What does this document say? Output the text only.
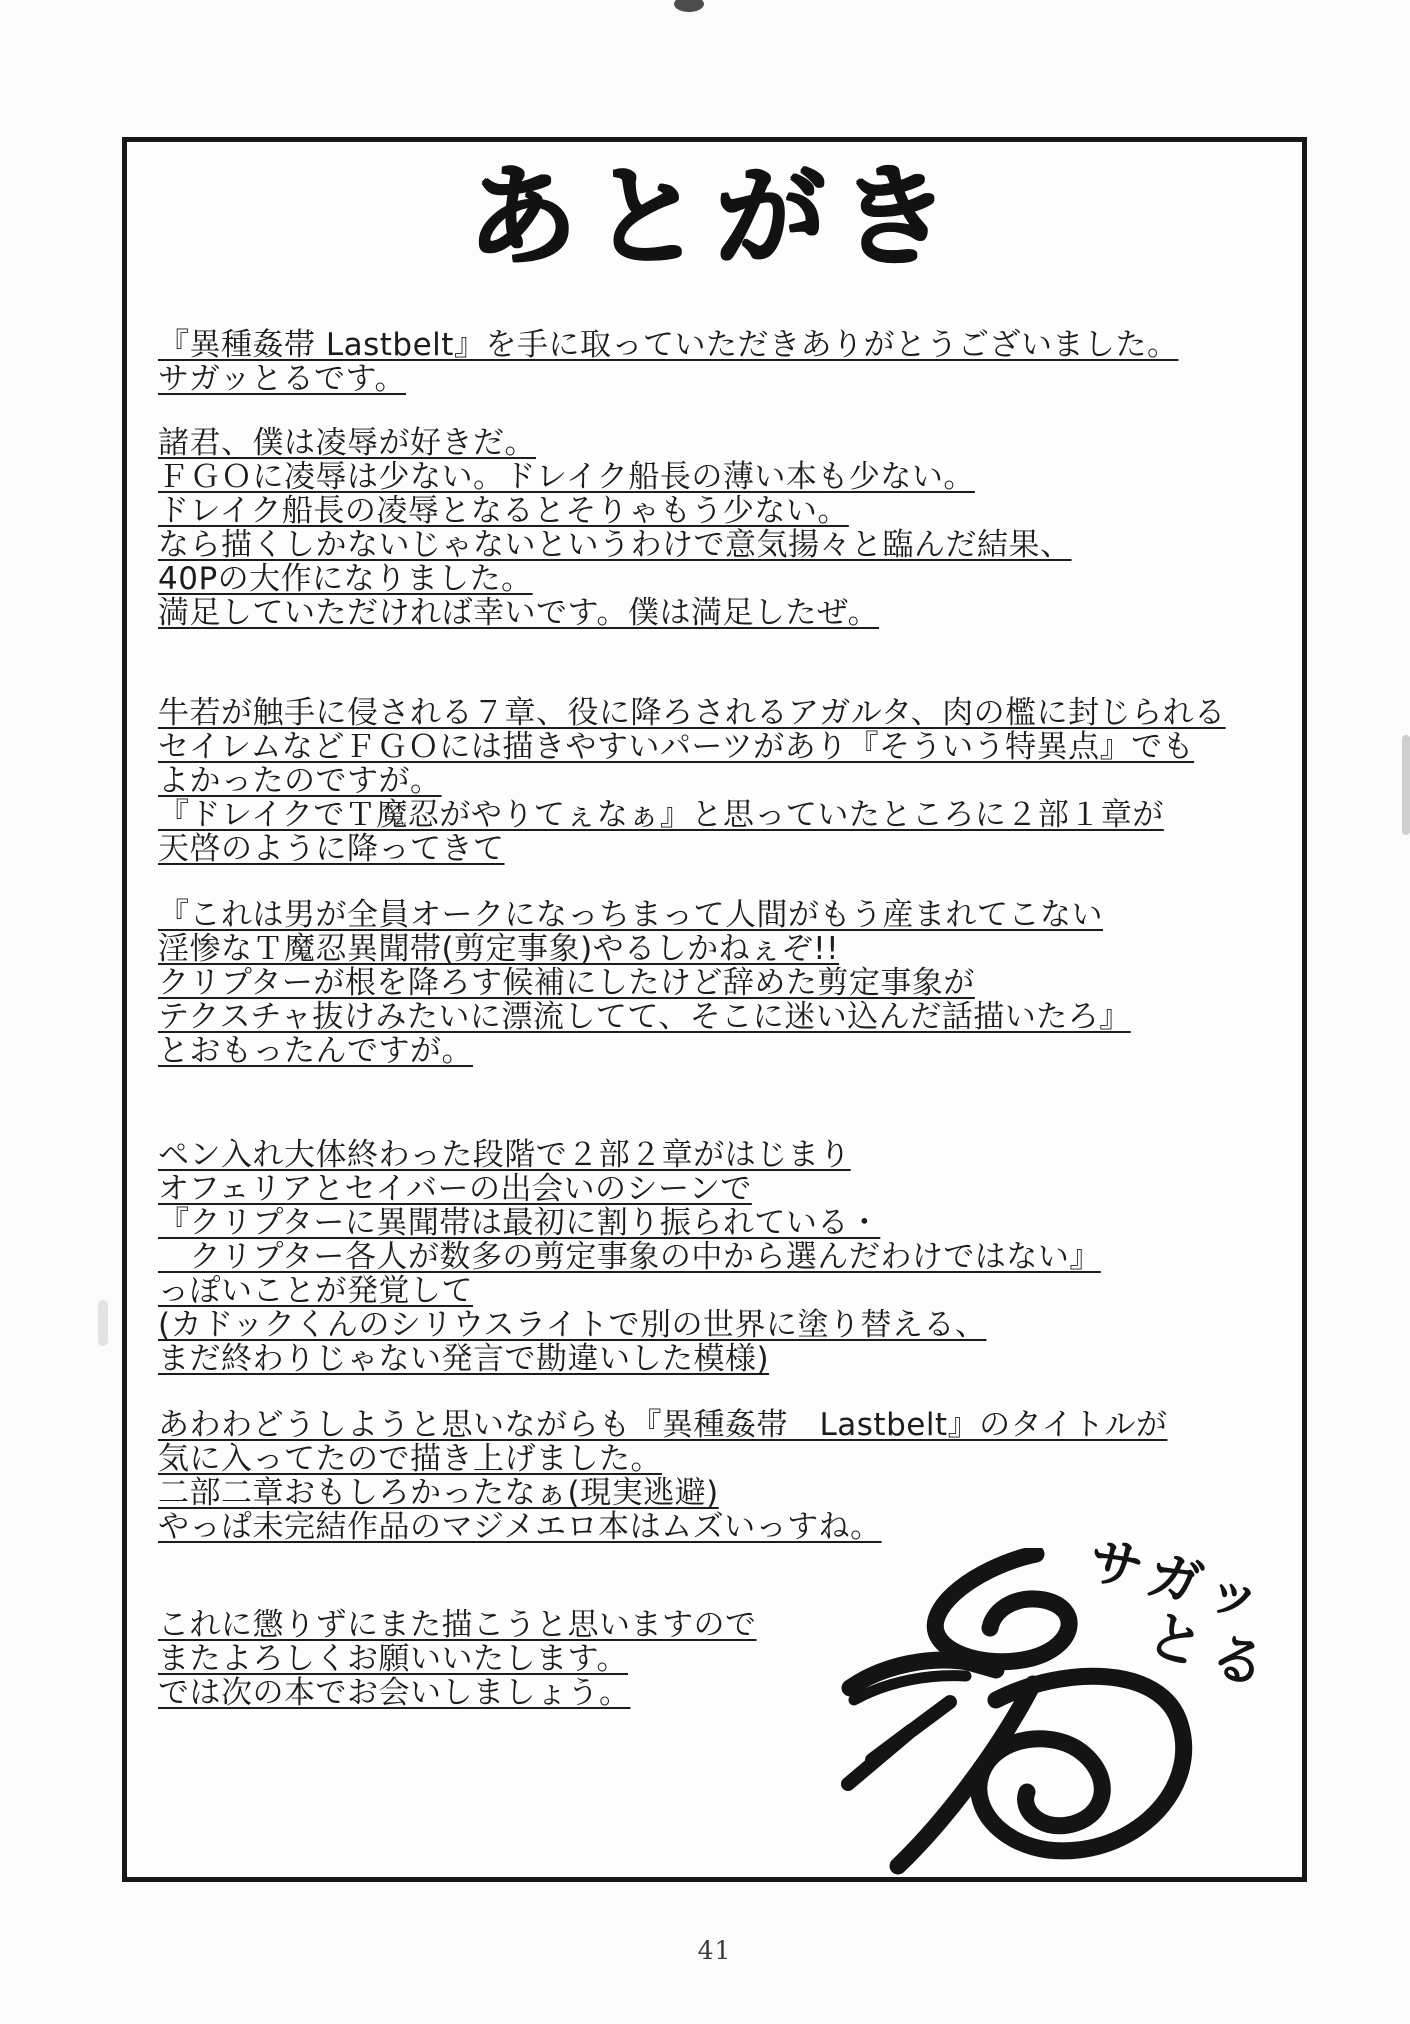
あとがき
『異種姦帯 Lastbelt』を手に取っていただきありがとうございました。
サガッとるです。
諸君、僕は凌辱が好きだ。
ＦＧＯに凌辱は少ない。ドレイク船長の薄い本も少ない。
ドレイク船長の凌辱となるとそりゃもう少ない。
なら描くしかないじゃないというわけで意気揚々と臨んだ結果、
40Pの大作になりました。
満足していただければ幸いです。僕は満足したぜ。
牛若が触手に侵される７章、役に降ろされるアガルタ、肉の檻に封じられる
セイレムなどＦＧＯには描きやすいパーツがあり『そういう特異点』でも
よかったのですが。
『ドレイクでＴ魔忍がやりてぇなぁ』と思っていたところに２部１章が
天啓のように降ってきて
『これは男が全員オークになっちまって人間がもう産まれてこない
淫惨なＴ魔忍異聞帯(剪定事象)やるしかねぇぞ!!
クリプターが根を降ろす候補にしたけど辞めた剪定事象が
テクスチャ抜けみたいに漂流してて、そこに迷い込んだ話描いたろ』
とおもったんですが。
ペン入れ大体終わった段階で２部２章がはじまり
オフェリアとセイバーの出会いのシーンで
『クリプターに異聞帯は最初に割り振られている・
　クリプター各人が数多の剪定事象の中から選んだわけではない』
っぽいことが発覚して
(カドックくんのシリウスライトで別の世界に塗り替える、
まだ終わりじゃない発言で勘違いした模様)
あわわどうしようと思いながらも『異種姦帯　Lastbelt』のタイトルが
気に入ってたので描き上げました。
二部二章おもしろかったなぁ(現実逃避)
やっぱ未完結作品のマジメエロ本はムズいっすね。
これに懲りずにまた描こうと思いますので
またよろしくお願いいたします。
では次の本でお会いしましょう。
サガッ
とる
41
